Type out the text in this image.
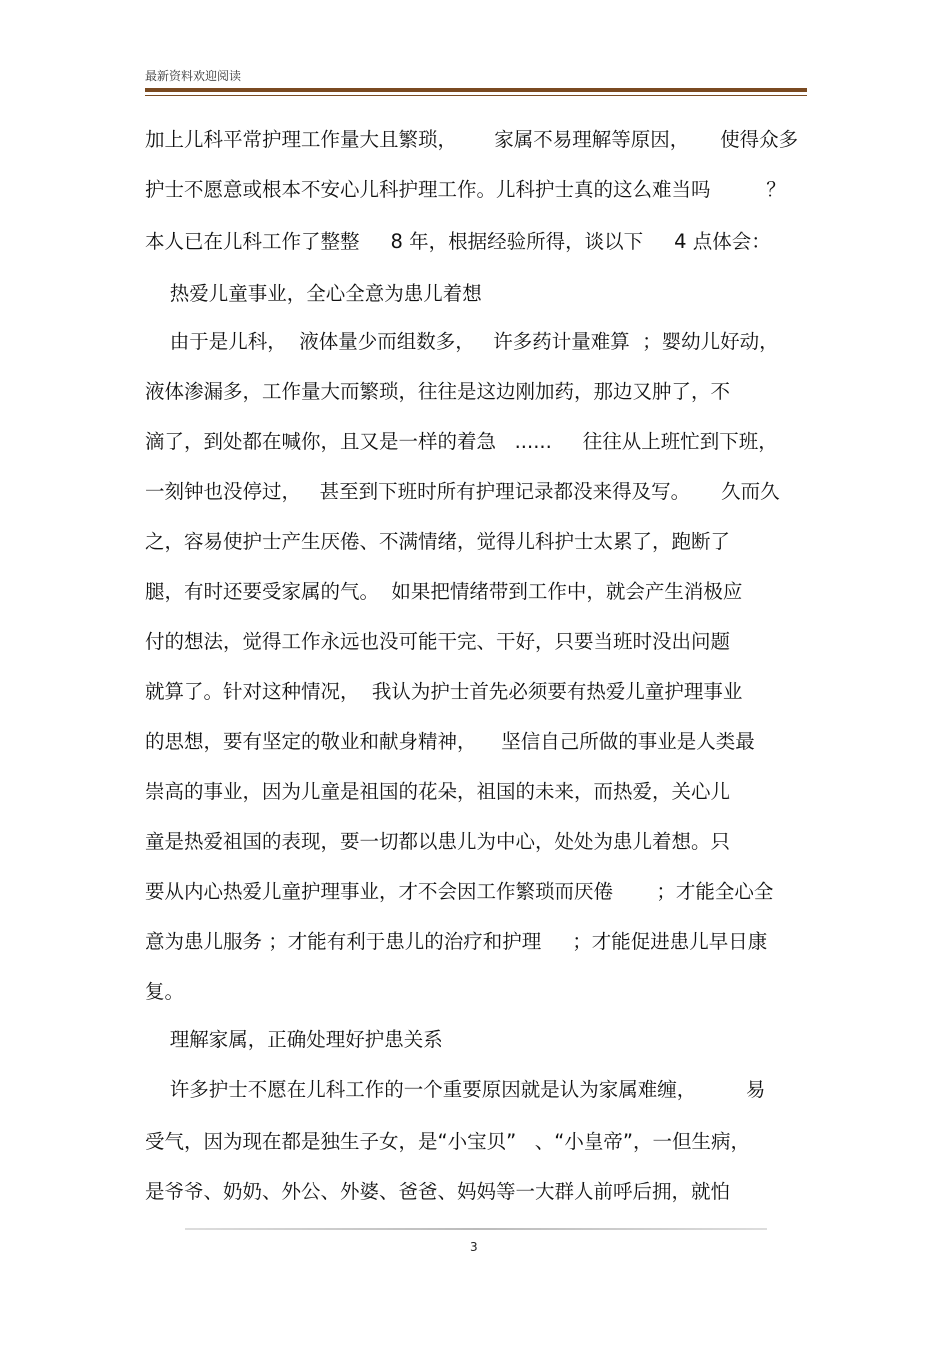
最新资料欢迎阅读
加上儿科平常护理工作量大且繁琐，      家属不易理解等原因，     使得众多
护士不愿意或根本不安心儿科护理工作。儿科护士真的这么难当吗         ？
本人已在儿科工作了整整     8 年，根据经验所得，谈以下     4 点体会：
热爱儿童事业，全心全意为患儿着想
由于是儿科，  液体量少而组数多，   许多药计量难算  ；婴幼儿好动，
液体渗漏多，工作量大而繁琐，往往是这边刚加药，那边又肿了，不
滴了，到处都在喊你，且又是一样的着急   ......     往往从上班忙到下班，
一刻钟也没停过，   甚至到下班时所有护理记录都没来得及写。     久而久
之，容易使护士产生厌倦、不满情绪，觉得儿科护士太累了，跑断了
腿，有时还要受家属的气。  如果把情绪带到工作中，就会产生消极应
付的想法，觉得工作永远也没可能干完、干好，只要当班时没出问题
就算了。针对这种情况，  我认为护士首先必须要有热爱儿童护理事业
的思想，要有坚定的敬业和献身精神，    坚信自己所做的事业是人类最
崇高的事业，因为儿童是祖国的花朵，祖国的未来，而热爱，关心儿
童是热爱祖国的表现，要一切都以患儿为中心，处处为患儿着想。只
要从内心热爱儿童护理事业，才不会因工作繁琐而厌倦       ；才能全心全
意为患儿服务 ；才能有利于患儿的治疗和护理     ；才能促进患儿早日康
复。
理解家属，正确处理好护患关系
许多护士不愿在儿科工作的一个重要原因就是认为家属难缠，        易
受气，因为现在都是独生子女，是“小宝贝”   、“小皇帝”，一但生病，
是爷爷、奶奶、外公、外婆、爸爸、妈妈等一大群人前呼后拥，就怕
3
